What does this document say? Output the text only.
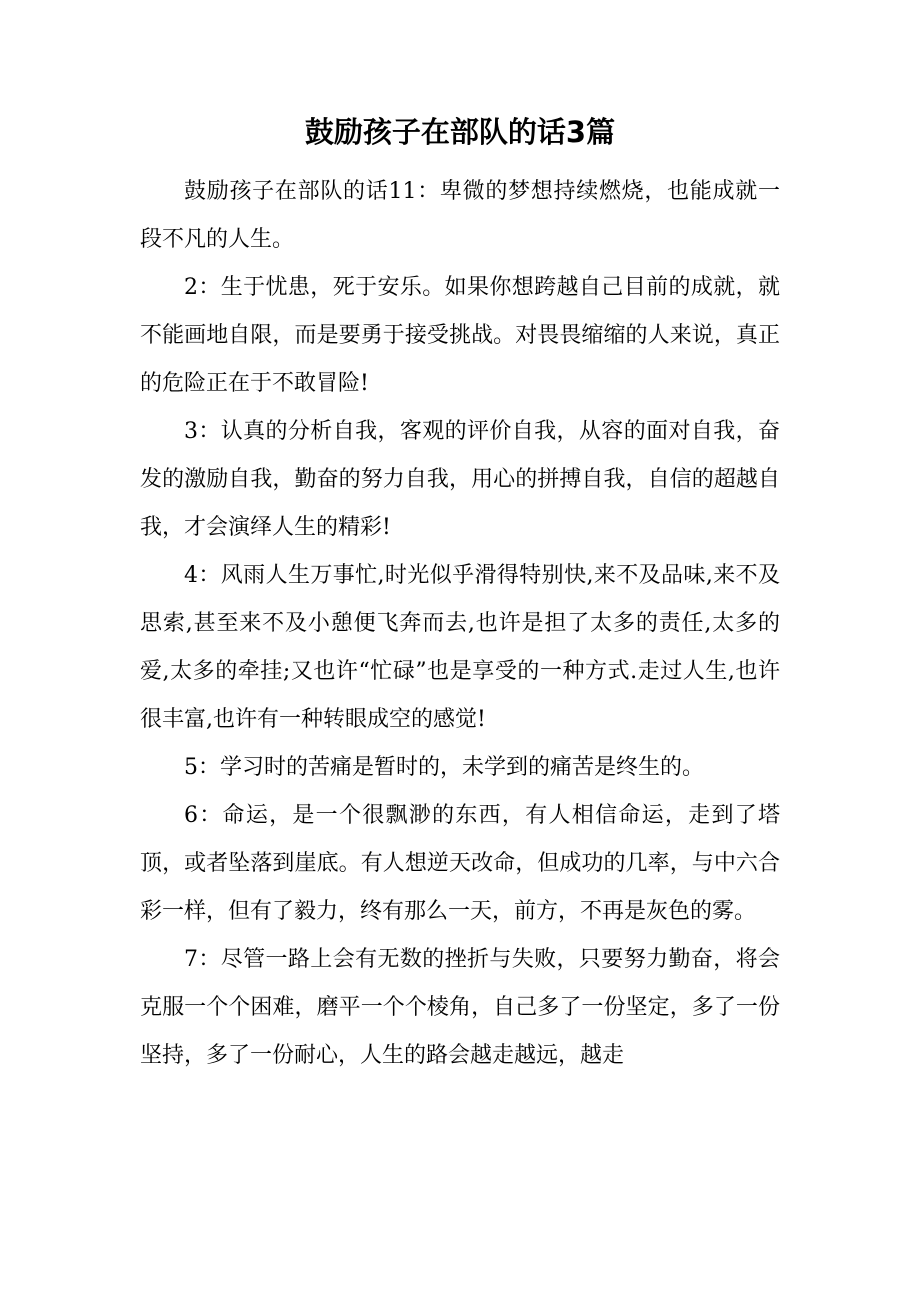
鼓励孩子在部队的话3篇

鼓励孩子在部队的话11：卑微的梦想持续燃烧，也能成就一段不凡的人生。

2：生于忧患，死于安乐。如果你想跨越自己目前的成就，就不能画地自限，而是要勇于接受挑战。对畏畏缩缩的人来说，真正的危险正在于不敢冒险!

3：认真的分析自我，客观的评价自我，从容的面对自我，奋发的激励自我，勤奋的努力自我，用心的拼搏自我，自信的超越自我，才会演绎人生的精彩!

4：风雨人生万事忙,时光似乎滑得特别快,来不及品味,来不及思索,甚至来不及小憩便飞奔而去,也许是担了太多的责任,太多的爱,太多的牵挂;又也许“忙碌”也是享受的一种方式.走过人生,也许很丰富,也许有一种转眼成空的感觉!

5：学习时的苦痛是暂时的，未学到的痛苦是终生的。

6：命运，是一个很飘渺的东西，有人相信命运，走到了塔顶，或者坠落到崖底。有人想逆天改命，但成功的几率，与中六合彩一样，但有了毅力，终有那么一天，前方，不再是灰色的雾。

7：尽管一路上会有无数的挫折与失败，只要努力勤奋，将会克服一个个困难，磨平一个个棱角，自己多了一份坚定，多了一份坚持，多了一份耐心，人生的路会越走越远，越走
